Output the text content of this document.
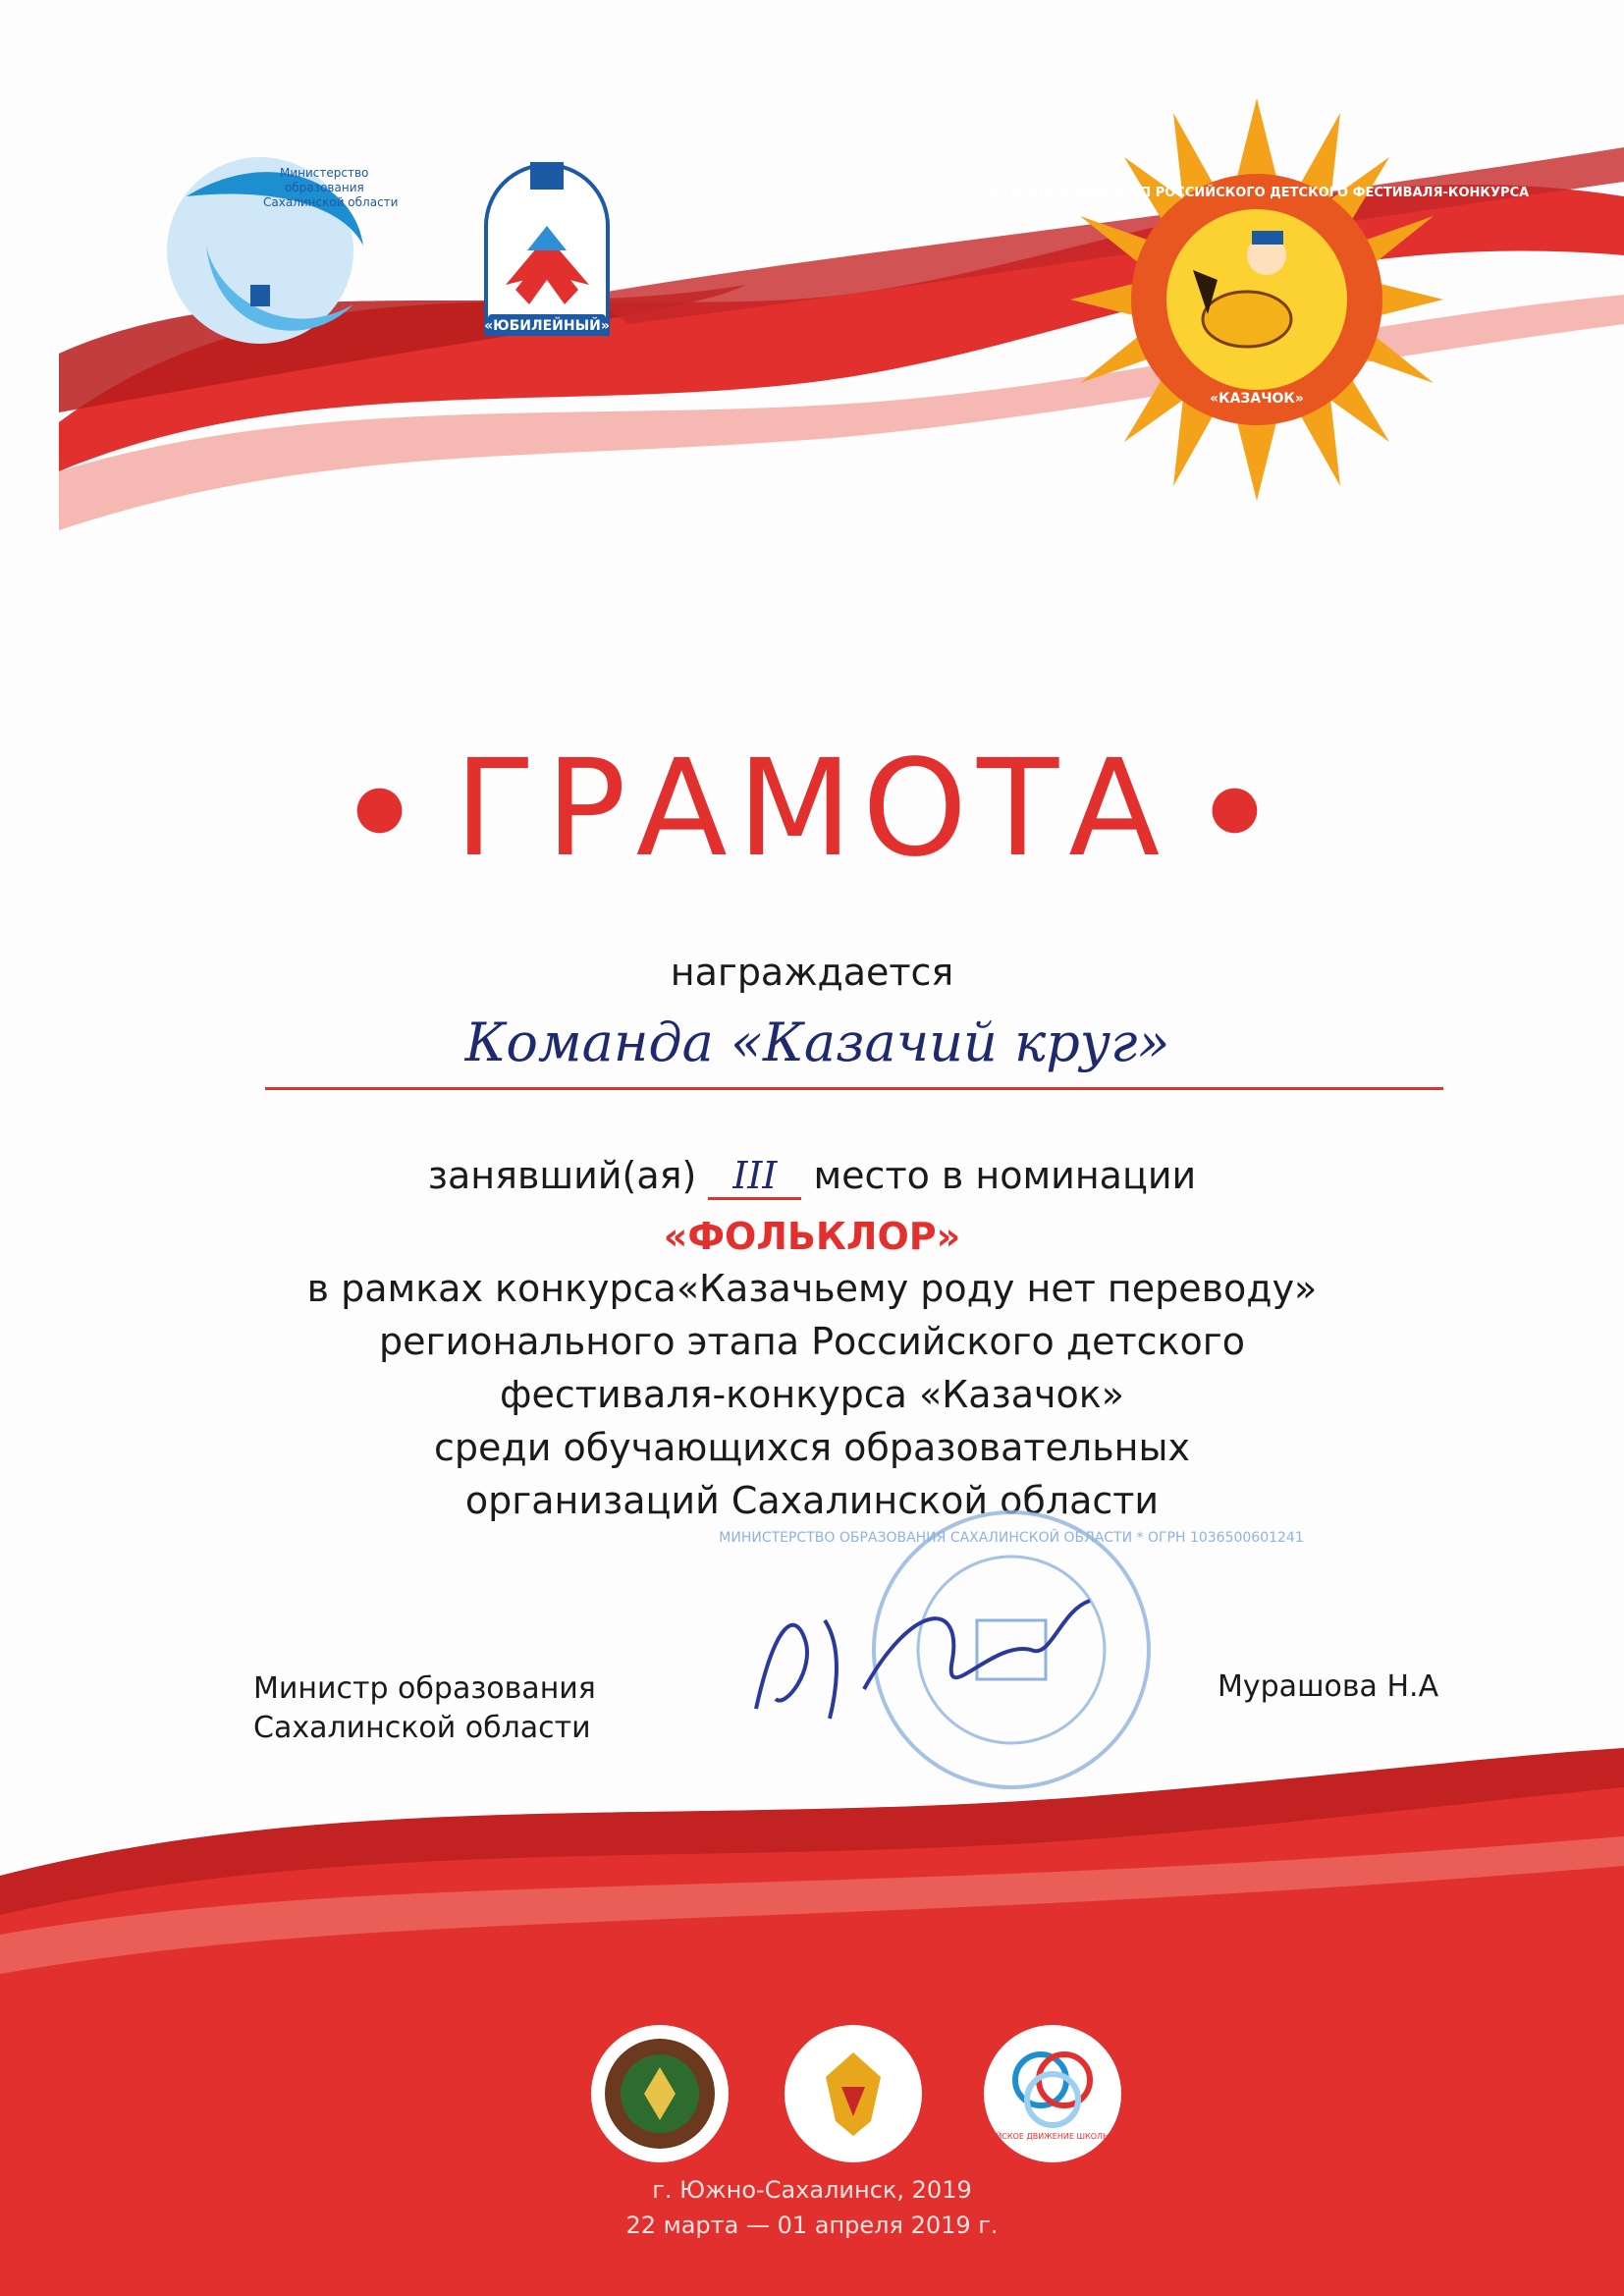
Министерство
образования
Сахалинской области
«ЮБИЛЕЙНЫЙ»
РЕГИОНАЛЬНЫЙ ЭТАП РОССИЙСКОГО ДЕТСКОГО ФЕСТИВАЛЯ-КОНКУРСА
«КАЗАЧОК»
● ГРАМОТА ●
награждается
Команда «Казачий круг»
занявший(ая) III место в номинации
«ФОЛЬКЛОР»
в рамках конкурса«Казачьему роду нет переводу»
регионального этапа Российского детского
фестиваля-конкурса «Казачок»
среди обучающихся образовательных
организаций Сахалинской области
МИНИСТЕРСТВО ОБРАЗОВАНИЯ САХАЛИНСКОЙ ОБЛАСТИ * ОГРН 1036500601241
Министр образования
Сахалинской области
Мурашова Н.А
РОССИЙСКОЕ ДВИЖЕНИЕ ШКОЛЬНИКОВ
г. Южно-Сахалинск, 2019
22 марта — 01 апреля 2019 г.
